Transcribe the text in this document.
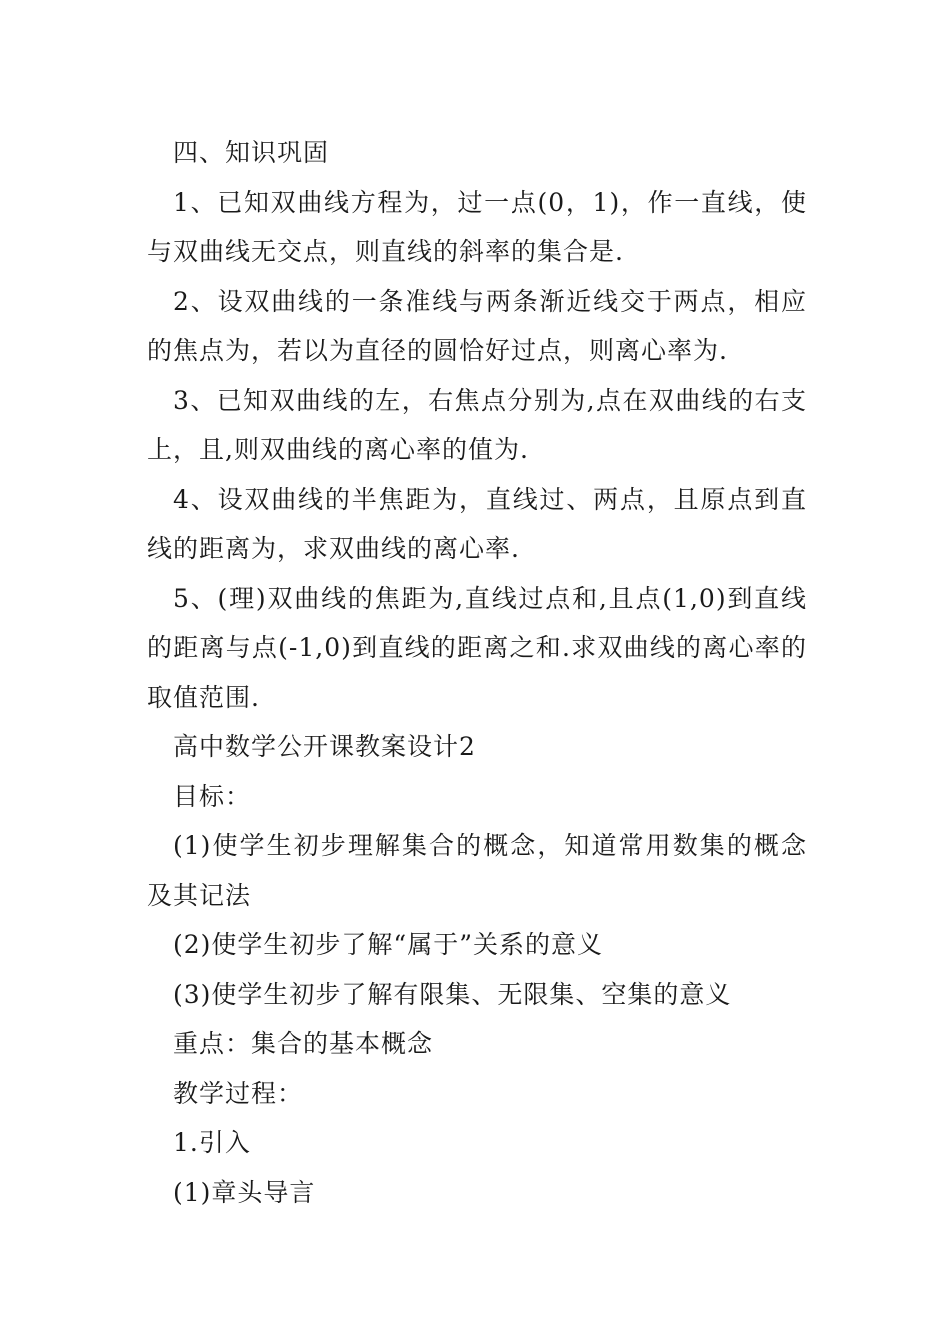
四、知识巩固

1、已知双曲线方程为，过一点(0，1)，作一直线，使与双曲线无交点，则直线的斜率的集合是.

2、设双曲线的一条准线与两条渐近线交于两点，相应的焦点为，若以为直径的圆恰好过点，则离心率为.

3、已知双曲线的左，右焦点分别为,点在双曲线的右支上，且,则双曲线的离心率的值为.

4、设双曲线的半焦距为，直线过、两点，且原点到直线的距离为，求双曲线的离心率.

5、(理)双曲线的焦距为,直线过点和,且点(1,0)到直线的距离与点(-1,0)到直线的距离之和.求双曲线的离心率的取值范围.

高中数学公开课教案设计2

目标：

(1)使学生初步理解集合的概念，知道常用数集的概念及其记法

(2)使学生初步了解“属于”关系的意义

(3)使学生初步了解有限集、无限集、空集的意义

重点：集合的基本概念

教学过程：

1.引入

(1)章头导言
